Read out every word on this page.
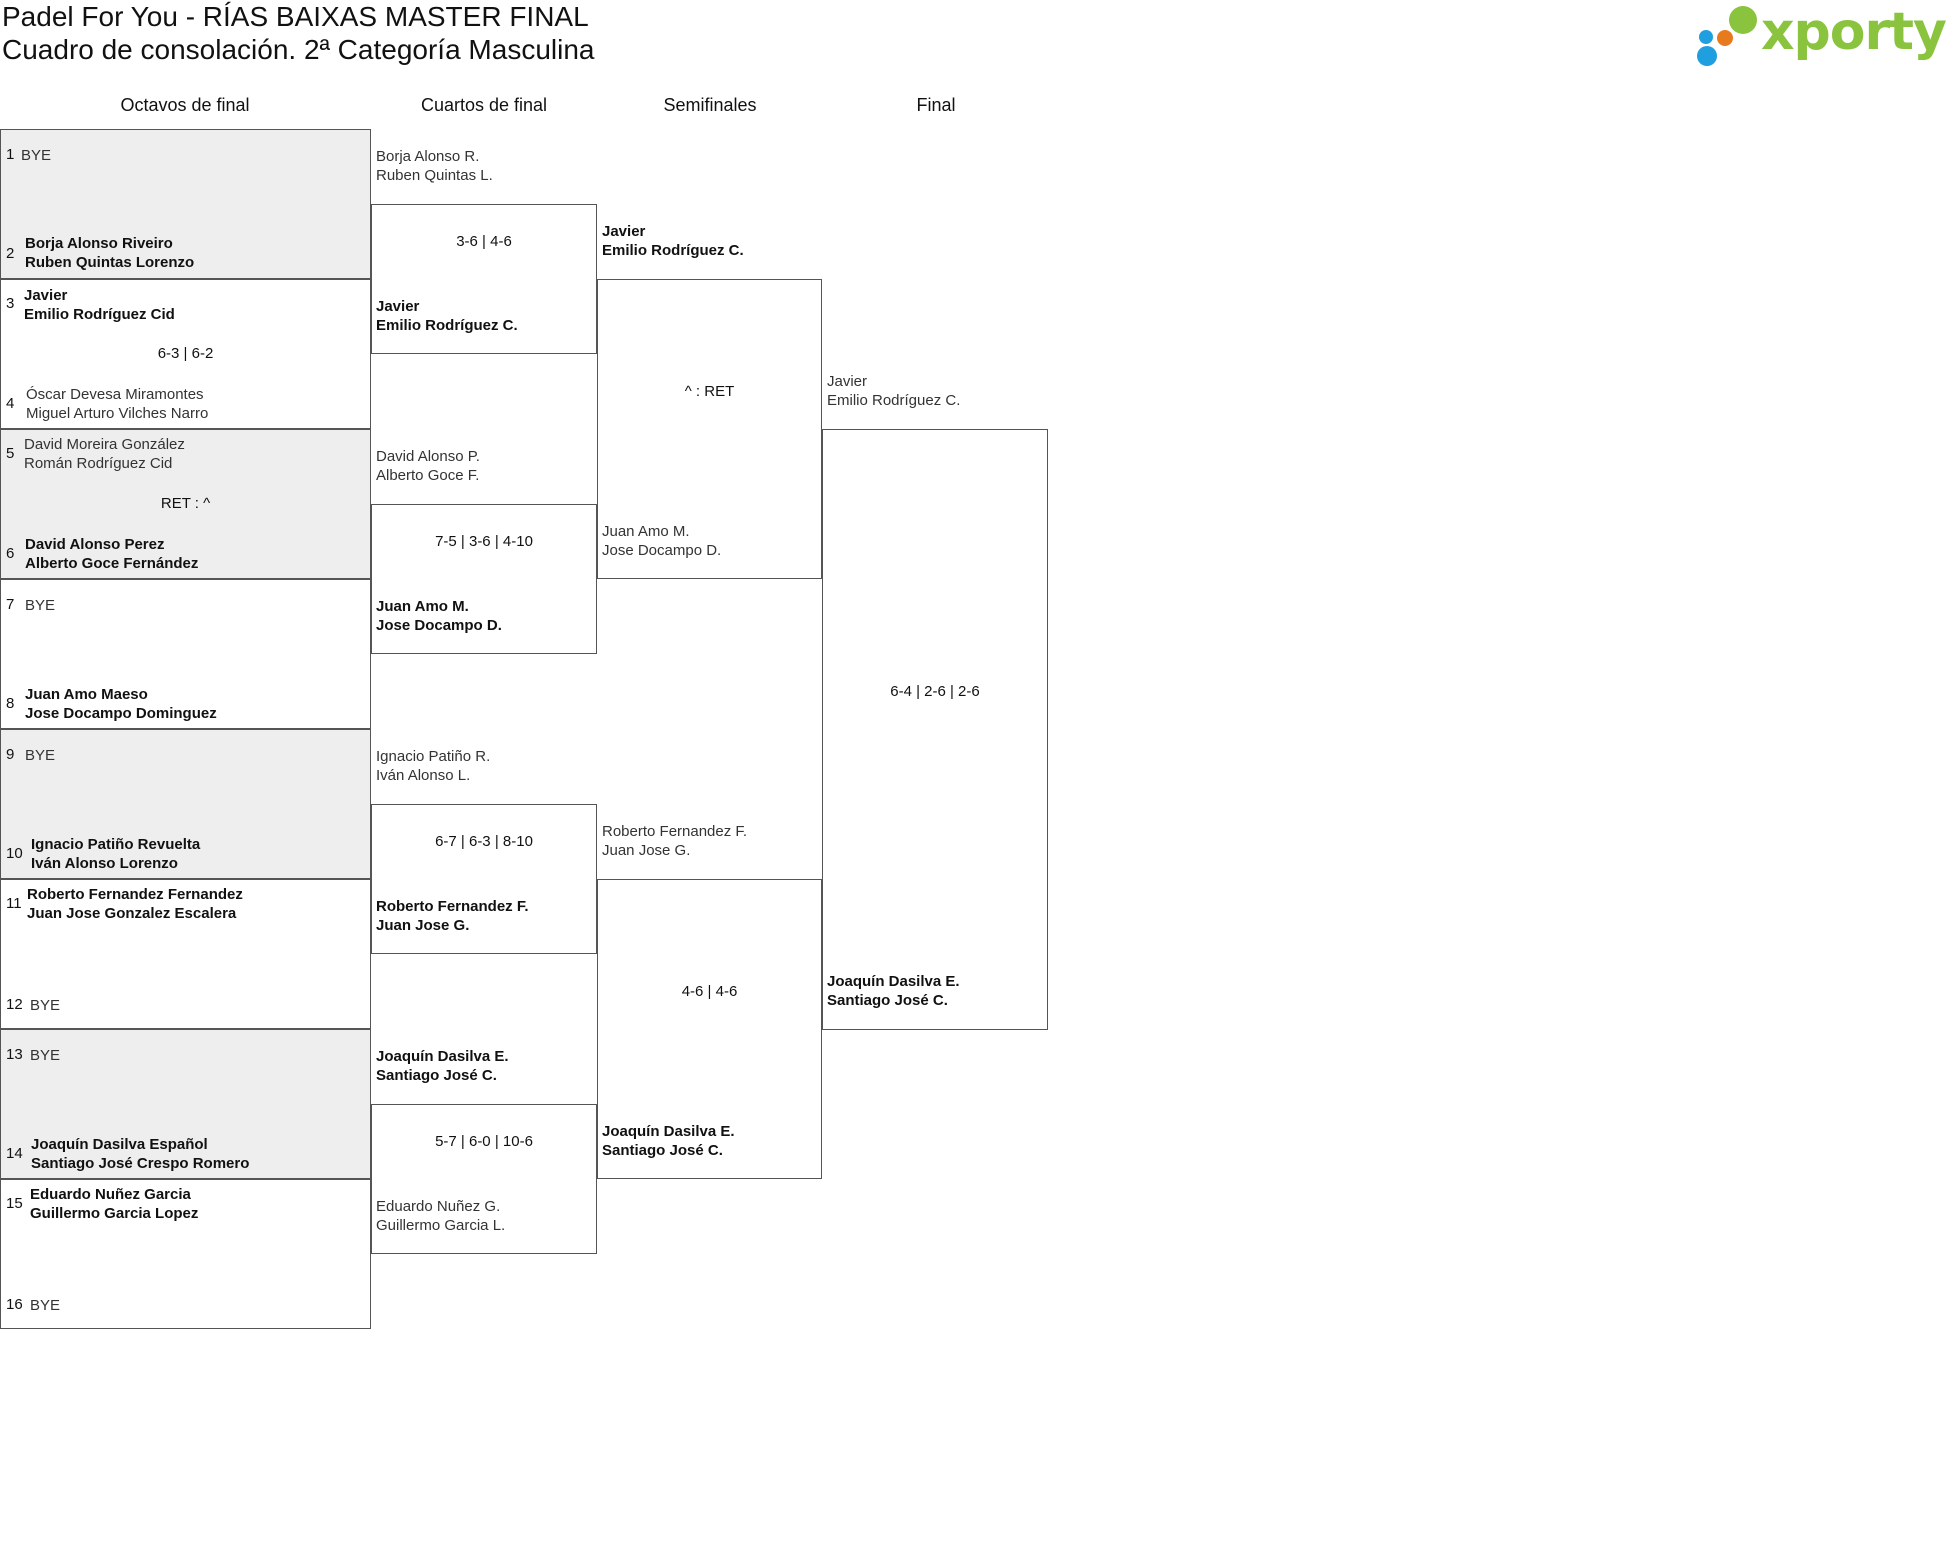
Padel For You - RÍAS BAIXAS MASTER FINAL
Cuadro de consolación. 2ª Categoría Masculina	xporty
Octavos de final	Cuartos de final	Semifinales	Final
1 BYE
2
Borja Alonso Riveiro
Ruben Quintas Lorenzo
3 Javier
Emilio Rodríguez Cid
6-3 | 6-2
4
Óscar Devesa Miramontes
Miguel Arturo Vilches Narro
5
David Moreira González
Román Rodríguez Cid
RET : ^
6
David Alonso Perez
Alberto Goce Fernández
7 BYE
8
Juan Amo Maeso
Jose Docampo Dominguez
9 BYE
10
Ignacio Patiño Revuelta
Iván Alonso Lorenzo
11
Roberto Fernandez Fernandez
Juan Jose Gonzalez Escalera
12 BYE
13 BYE
14
Joaquín Dasilva Español
Santiago José Crespo Romero
15
Eduardo Nuñez Garcia
Guillermo Garcia Lopez
16 BYE
Borja Alonso R.
Ruben Quintas L.
3-6 | 4-6
Javier
Emilio Rodríguez C.
David Alonso P.
Alberto Goce F.
7-5 | 3-6 | 4-10
Juan Amo M.
Jose Docampo D.
Ignacio Patiño R.
Iván Alonso L.
6-7 | 6-3 | 8-10
Roberto Fernandez F.
Juan Jose G.
Joaquín Dasilva E.
Santiago José C.
5-7 | 6-0 | 10-6
Eduardo Nuñez G.
Guillermo Garcia L.
Javier
Emilio Rodríguez C.
^ : RET
Juan Amo M.
Jose Docampo D.
Roberto Fernandez F.
Juan Jose G.
4-6 | 4-6
Joaquín Dasilva E.
Santiago José C.
Javier
Emilio Rodríguez C.
6-4 | 2-6 | 2-6
Joaquín Dasilva E.
Santiago José C.
